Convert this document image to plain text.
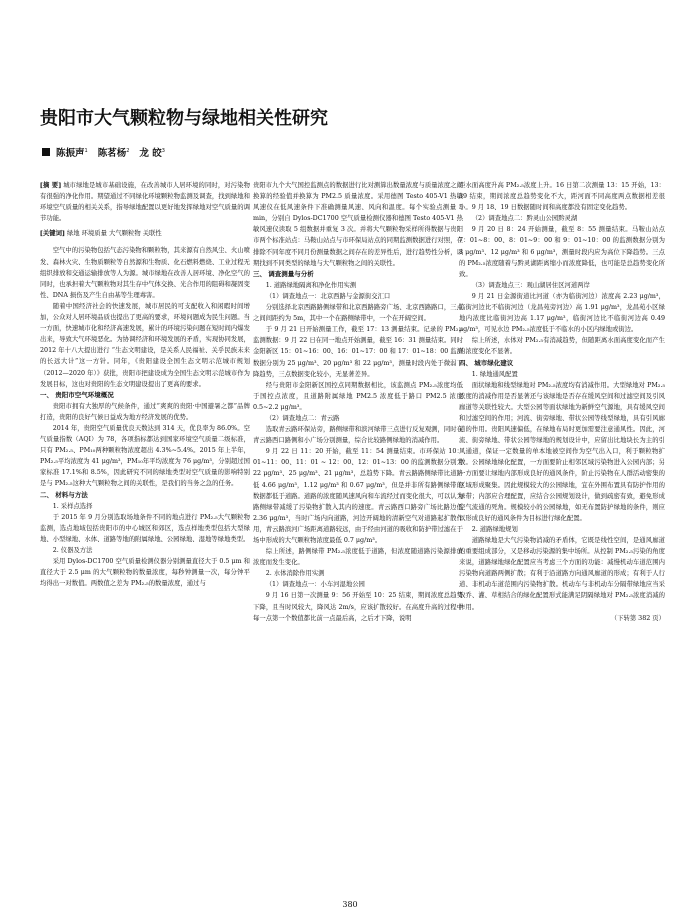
贵阳市大气颗粒物与绿地相关性研究
陈振声$^1$ 陈茗杨$^2$ 龙 皎$^3$

[摘 要] 城市绿地是城市基础设施，在改善城市人居环境的同时，对污染物有很强的净化作用。期望通过不同绿化环境颗粒物监测及调查，找到绿地和环境空气质量的相关关系，指导绿地配置以更好地发挥绿地对空气质量的调节功能。

[关键词] 绿地 环境质量 大气颗粒物 关联性

空气中的污染物包括气态污染物和颗粒物，其来源有自然风尘、火山喷发、森林火灾、生物质颗粒等自然源和生物质、化石燃料燃烧、工业过程无组织排放和交通运输排放等人为源。城市绿地在改善人居环境、净化空气的同时，也承担着大气颗粒物对其生存中气体交换、光合作用的阻碍和凝固变性、DNA 损伤及产生自由基等生理毒害。

随着中国经济社会的快速发展，城市居民的可支配收入和闲暇时间增加，公众对人居环境品质也提出了更高的要求，环境问题成为民生问题。当一方面，快速城市化和经济高速发展，累计的环境污染问题在短时间内爆发出来，导致大气环境恶化。为协调经济和环境发展的矛盾，实现协同发展，2012 年十八大提出进行 “生态文明建设，是关系人民福祉、关乎民族未来的长远大计”这一方针。同年，《贵阳建设全国生态文明示范城市规划（2012—2020 年）》获批，贵阳市把建设成为全国生态文明示范城市作为发展目标，这也对贵阳的生态文明建设提出了更高的要求。

一、 贵阳市空气环境概况

贵阳市拥有大独厚的气候条件，通过“爽爽的贵阳·中国避暑之都”品牌打造，贵阳的良好气候日益成为地方经济发展的优势。

2014 年，贵阳空气质量优良天数达到 314 天，优良率为 86.0%。空气质量指数（AQI）为 78，各项指标都达到国家环境空气质量二级标准，只有 PM₂.₅、PM₁₀两种颗粒物浓度超出 4.3%~5.4%。2015 年上半年，PM₂.₅平均浓度为 41 μg/m³，PM₁₀年平均浓度为 76 μg/m³，分别超过国家标准 17.1%和 8.5%，因此研究不同的绿地类型对空气质量的影响特别是与 PM₂.₅这种大气颗粒物之间的关联性，是我们的当务之急的任务。

二、 材料与方法
1. 采样点选择

于 2015 年 9 月分别选取场地条件不同的地点进行 PM₂.₅大气颗粒物监测，选点地域包括贵阳市的中心城区和郊区，选点样地类型包括大型绿地、小型绿地、水体、道路等地的附属绿地、公园绿地、湿地等绿地类型。

2. 仪器及方法

采用 Dylos-DC1700 空气质量检测仪器分别测量直径大于 0.5 μm 和直径大于 2.5 μm 的大气颗粒物的数量浓度，每秒钟测量一次，每分钟平均得出一对数值。两数值之差为 PM₂.₅的数量浓度，通过与

贵阳市九个大气国控监测点的数据进行比对测算出数量浓度与质量浓度之间换算的经验值并换算为 PM2.5 质量浓度。采用德图 Testo 405-V1 热敏风速仪在低风速条件下准确测量风速、风向和温度。每个实验点测量 5 min，分别自 Dylos-DC1700 空气质量检测仪器和德图 Testo 405-V1 热敏风速仪读取 5 组数据并重复 3 次。并将大气颗粒物采样所得数据与贵阳市两个标准站点：马鞍山站点与市环保局站点的同期监测数据进行对照，在排除不同年度不同月份测量数据之间存在的差异性后，进行趋势性分析，以期找到不同类型的绿地与大气颗粒物之间的关联性。

三、 调查测量与分析
1. 道路绿地隔离和净化作用实测

（1）调查地点一：北京西路与金源街交汇口

分别选择北京西路路侧绿带和北京西路路旁广场、北京西路路口，三点之间间距约为 5m，其中一个在路侧绿带中，一个在开阔空间。

于 9 月 21 日开始测量工作，截至 17：13 测量结束。记录的 PM₂.₅监测数据：9 月 22 日在同一地点开始测量，截至 16：31 测量结束。同时金阳新区 15：01~16：00、16：01~17：00 和 17：01~18：00 监测数据分别为 25 μg/m³、20 μg/m³ 和 22 μg/m³，测量时段内处于微弱下降趋势，三点数据变化较小，无显著差异。

经与贵阳市金阳新区国控点同期数据相比，该监测点 PM₂.₅浓度均低于国控点浓度，且道路附属绿地 PM2.5 浓度低于路口 PM2.5 浓度 0.5~2.2 μg/m³。

（2）调查地点二：青云路

选取青云路环保站旁，路侧绿带和滨河绿带三点进行反复观测，同时在青云路西口路侧和小广场分别测量，综合比较路侧绿地的消减作用。

9 月 22 日 11：20 开始，截至 11：54 测量结束。市环保站 10：01~11：00、11：01 ~ 12：00、12：01~13：00 的监测数据分别为 22 μg/m³、25 μg/m³、21 μg/m³，总趋势下降。青云路路侧绿带比道路低 4.66 μg/m³，1.12 μg/m³ 和 0.67 μg/m³，但是并非所有路侧绿带的数据都低于道路。道路的浓度随风速风向和车流经过而变化很大，可以认为路侧绿带减缓了污染物扩散入其内的速度。青云路西口路旁广场比路边低 2.36 μg/m³，当时广场内向道路，河边开阔地的清新空气对道路起扩散作用，青云路滨河广场距离道路较远，由于经由河道的吸收和防护带过滤在于场中形成的大气颗粒物浓度最低 0.7 μg/m³。

综上所述，路侧绿带 PM₂.₅浓度低于道路，但浓度随道路污染源排放浓度而发生变化。

2. 水体消除作用实测

（1）调查地点一：小车河湿地公园

9 月 16 日第一次测量 9：56 开始至 10：25 结束，期间浓度总趋势下降，且当时风较大，降风达 2m/s，应该扩散较好。在高度升高的过程中每一点第一个数值都比前一点最后高，之后才下降，说明

距水面高度升高 PM₂.₅浓度上升。16 日第二次测量 13：15 开始，13：39 结束，期间浓度总趋势变化不大，距河面不同高度两点数据相差很小。9 月 18、19 日数据随时间和高度都没有固定变化趋势。

（2）调查地点二：黔灵山公园黔灵湖

9 月 20 日 8：24 开始测量，截至 8：55 测量结束。马鞍山站点 7：01~8：00、8：01~9：00 和 9：01~10：00 的监测数据分别为 8 μg/m³、12 μg/m³ 和 6 μg/m³，测量时段内应为高位下降趋势。三点的 PM₂.₅浓度随着与黔灵湖距离缩小而浓度降低，也可能是总趋势变化所致。

（3）调查地点三：观山湖居住区河道两岸

9 月 21 日金源街道比河道（亦为临街河边）浓度高 2.23 μg/m³，临街河边比不临街河边（龙昌苑旁河边）高 1.91 μg/m³，龙昌苑小区绿地内浓度比临街河边高 1.17 μg/m³，临街河边比不临街河边高 0.49 μg/m³，可见水边 PM₂.₅浓度低于不临水的小区内绿地或街边。

综上所述，水体对 PM₂.₅有消减趋势，但随距离水面高度变化而产生的浓度变化不显著。

四、 城市绿化建议
1. 绿地通风配置

面状绿地和线型绿地对 PM₂.₅浓度均有消减作用。大型绿地对 PM₂.₅浓度的消减作用是否显著还与该绿地是否存在缓风空间和过滤空间及引风廊道等关联性较大。大型公园等面状绿地为新鲜空气源地，具有缓风空间和过滤空间的作用；河流、街旁绿地、带状公园等线型绿地，具有引风廊道的作用。贵阳风速偏低，在绿地布局时更加需要注意通风性。因此，河流、街旁绿地、带状公园等绿地的规划设计中，应留出比地块长为主的引风通道，保证一定数量的单本地被空间作为空气出入口，利于颗粒物扩散。公园绿地绿化配置，一方面要阶止相邻区域污染物进入公园内部；另一方面要让绿地内部形成良好的通风条件，阶止污染物在人群活动密集的区域形成聚集。因此规模较大的公园绿地，宜在外围布置具有防护作用的绿带；内部应合理配置，应结合公园规划设计，做到疏密有致，避免形成空气流通的死角。规模较小的公园绿地，如无布置防护绿地的条件，则应以形成良好的通风条件为目标进行绿化配置。

2. 道路绿地规划

道路绿地是大气污染物消减的矛盾体，它既是线性空间，是通风廊道的重要组成部分，又是移动污染源的集中场所。从控制 PM₂.₅污染的角度来说，道路绿地绿化配置应当考虑三个方面的功能：减慢机动车道范围内污染物向道路两侧扩散；有利于沿道路方向通风廊道的形成；有利于人行道、非机动车道范围内污染物扩散。机动车与非机动车分隔带绿地应当采取乔、灌、草相结合的绿化配置形式能满足阴隔绿地对 PM₂.₅浓度消减的作用。

（下转第 382 页）

380
